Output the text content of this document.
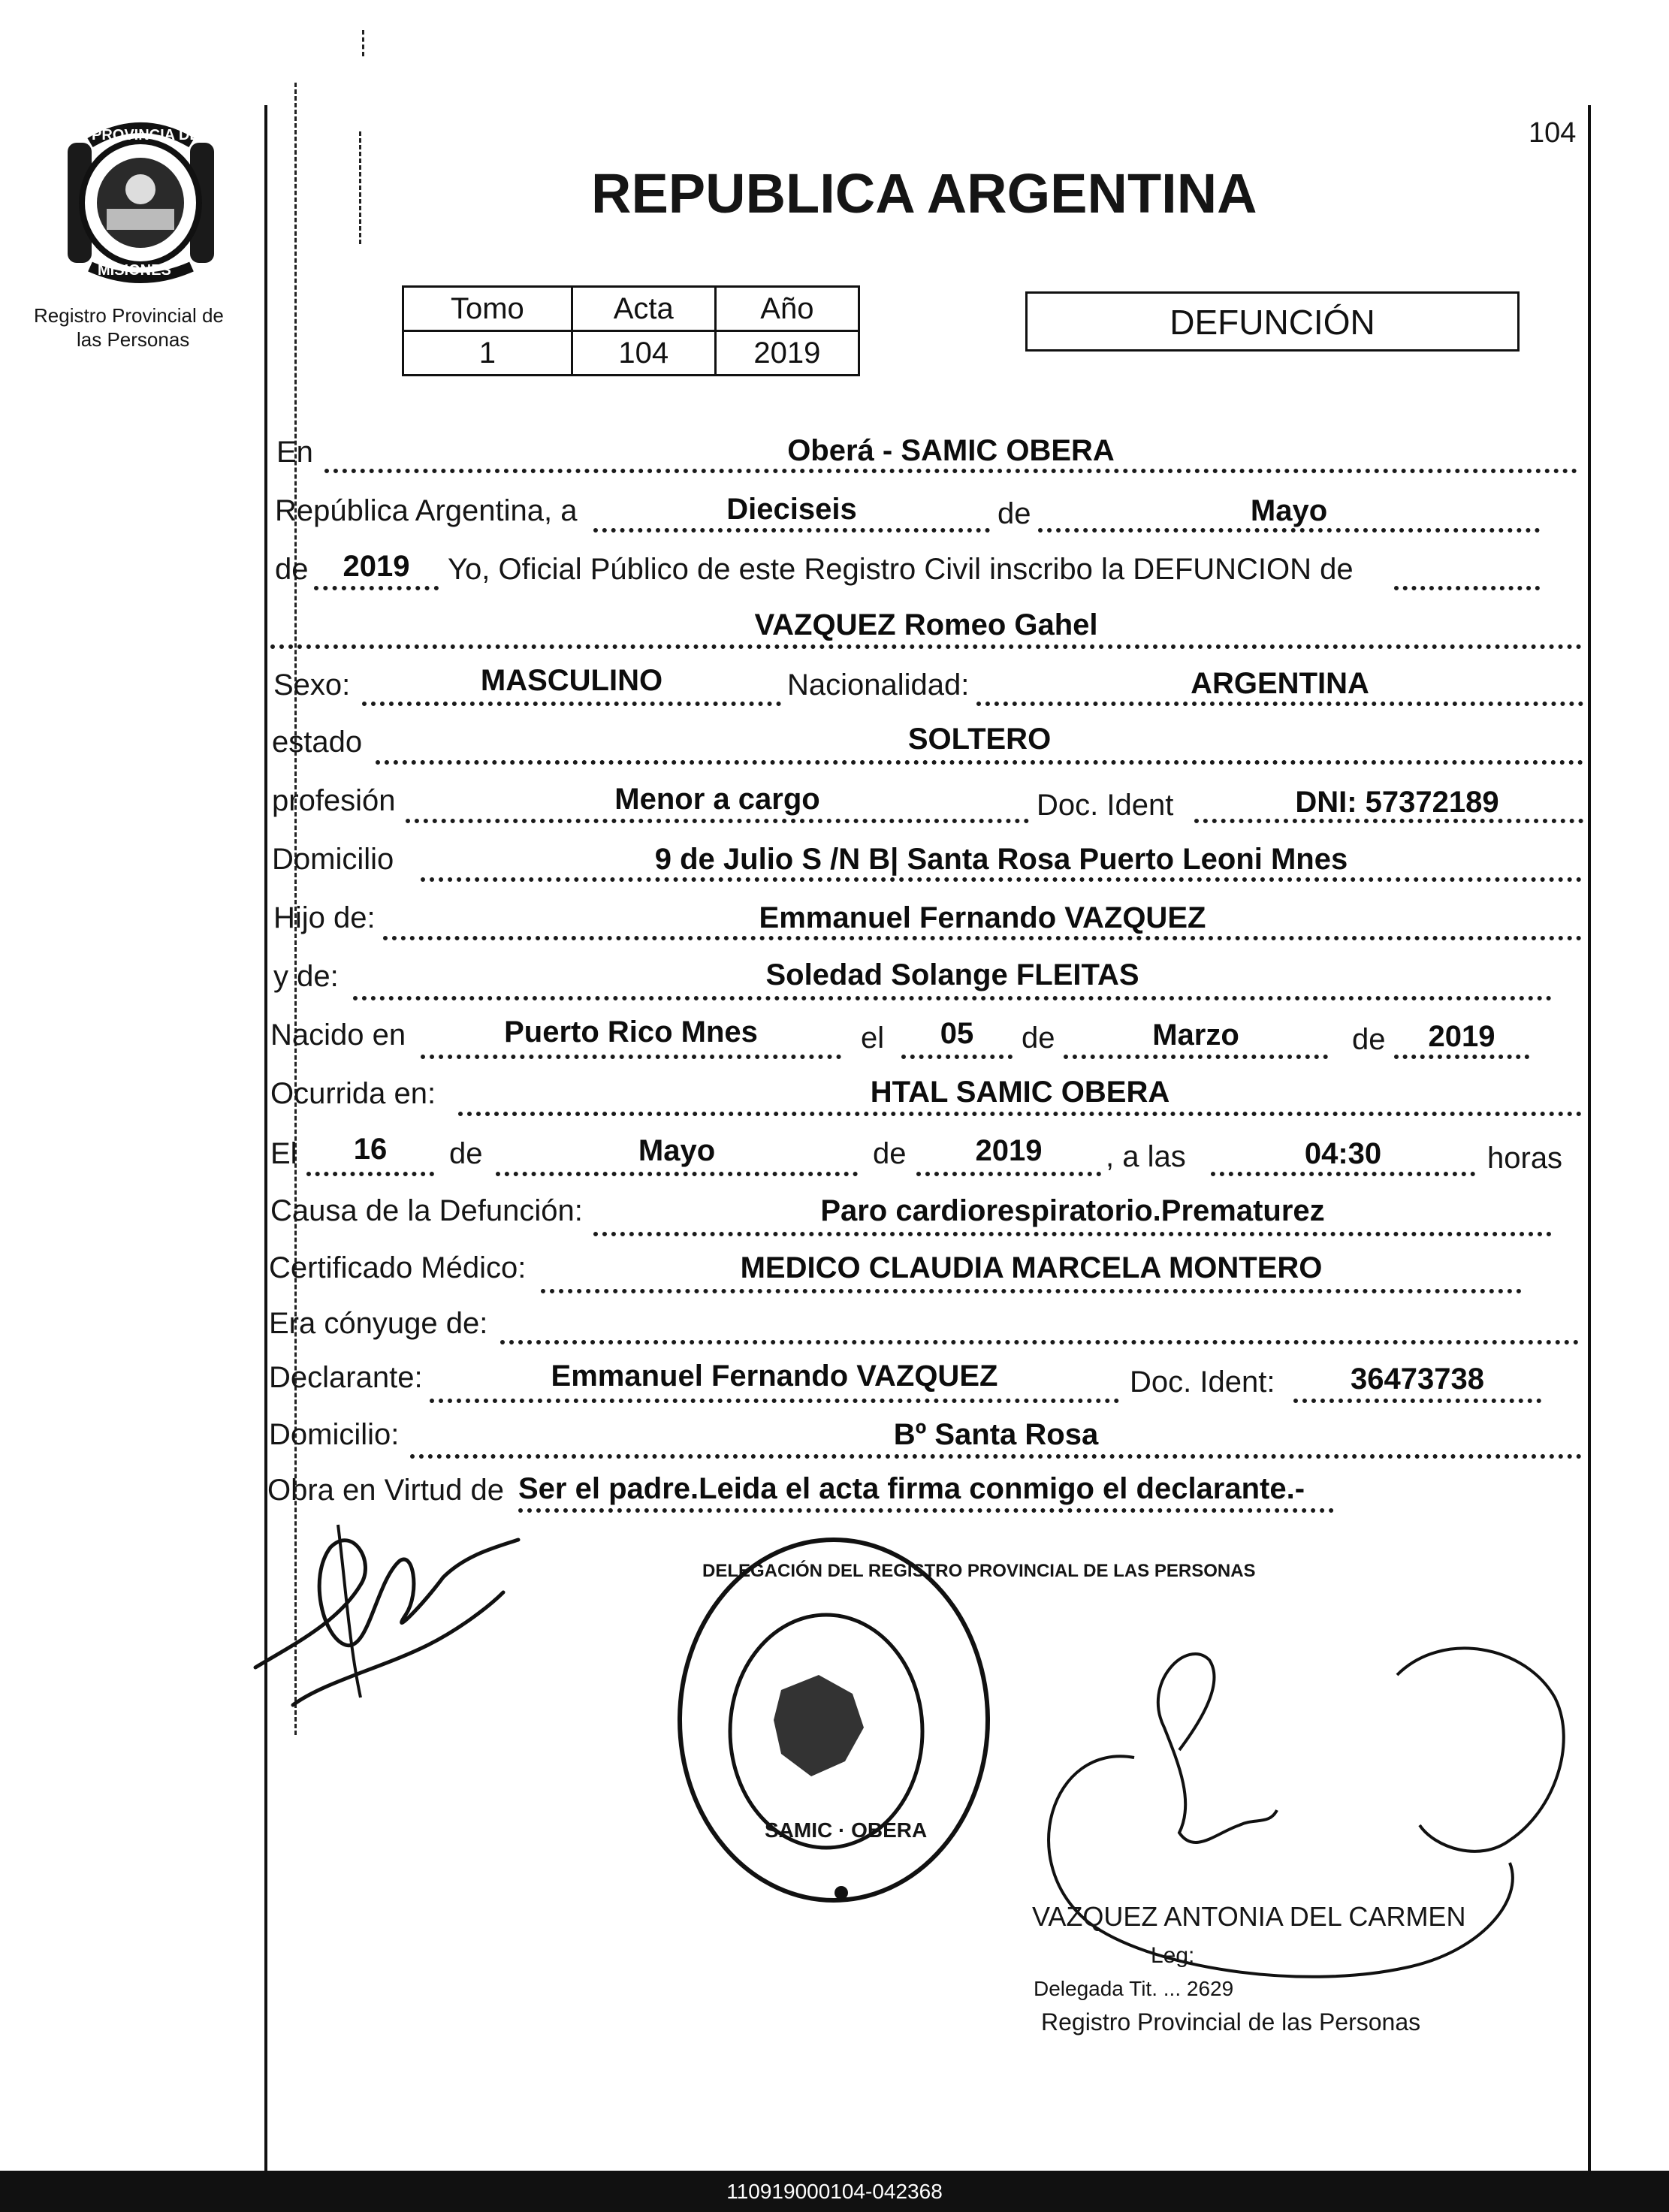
PROVINCIA DE
MISIONES
Registro Provincial de
las Personas
104
REPUBLICA ARGENTINA
Tomo	Acta	Año
1	104	2019
DEFUNCIÓN
En	Oberá - SAMIC OBERA
República Argentina, a	Dieciseis	de	Mayo
de	2019	Yo, Oficial Público de este Registro Civil inscribo la DEFUNCION de
VAZQUEZ Romeo Gahel
Sexo:	MASCULINO	Nacionalidad:	ARGENTINA
estado	SOLTERO
profesión	Menor a cargo	Doc. Ident	DNI: 57372189
Domicilio	9 de Julio S /N B| Santa Rosa Puerto Leoni Mnes
Hijo de:	Emmanuel Fernando VAZQUEZ
y de:	Soledad Solange FLEITAS
Nacido en	Puerto Rico Mnes	el	05	de	Marzo	de	2019
Ocurrida en:	HTAL SAMIC OBERA
El	16	de	Mayo	de	2019	, a las	04:30	horas
Causa de la Defunción:	Paro cardiorespiratorio.Prematurez
Certificado Médico:	MEDICO CLAUDIA MARCELA MONTERO
Era cónyuge de:
Declarante:	Emmanuel Fernando VAZQUEZ	Doc. Ident:	36473738
Domicilio:	Bº Santa Rosa
Obra en Virtud de Ser el padre.Leida el acta firma conmigo el declarante.-
DELEGACIÓN DEL REGISTRO PROVINCIAL DE LAS PERSONAS
SAMIC · OBERA
VAZQUEZ ANTONIA DEL CARMEN
Leg:
Delegada Tit. ... 2629
Registro Provincial de las Personas
110919000104-042368
